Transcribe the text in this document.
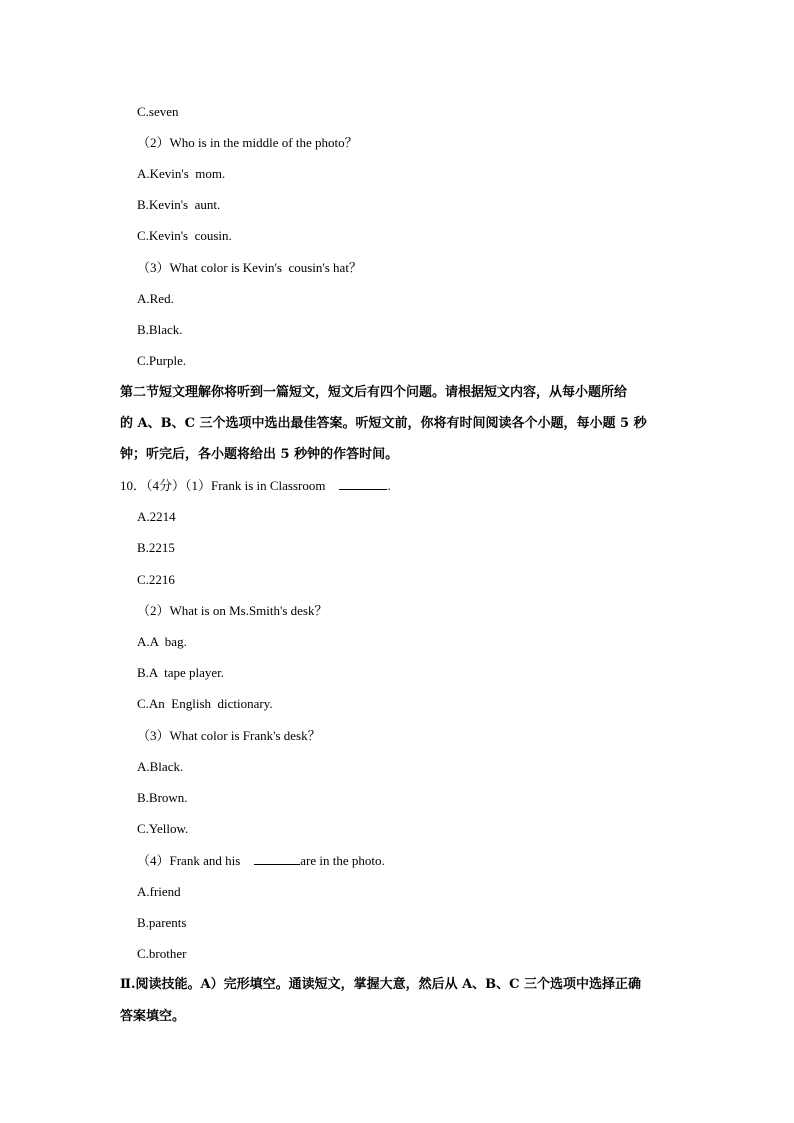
C.seven
（2）Who is in the middle of the photo？
A.Kevin's  mom.
B.Kevin's  aunt.
C.Kevin's  cousin.
（3）What color is Kevin's  cousin's hat？
A.Red.
B.Black.
C.Purple.
第二节短文理解你将听到一篇短文，短文后有四个问题。请根据短文内容，从每小题所给
的 A、B、C 三个选项中选出最佳答案。听短文前，你将有时间阅读各个小题，每小题 5 秒
钟；听完后，各小题将给出 5 秒钟的作答时间。
10．（4分）（1）Frank is in Classroom	.
A.2214
B.2215
C.2216
（2）What is on Ms.Smith's desk？
A.A  bag.
B.A  tape player.
C.An  English  dictionary.
（3）What color is Frank's desk？
A.Black.
B.Brown.
C.Yellow.
（4）Frank and his	are in the photo.
A.friend
B.parents
C.brother
Ⅱ.阅读技能。A）完形填空。通读短文，掌握大意，然后从 A、B、C 三个选项中选择正确
答案填空。
